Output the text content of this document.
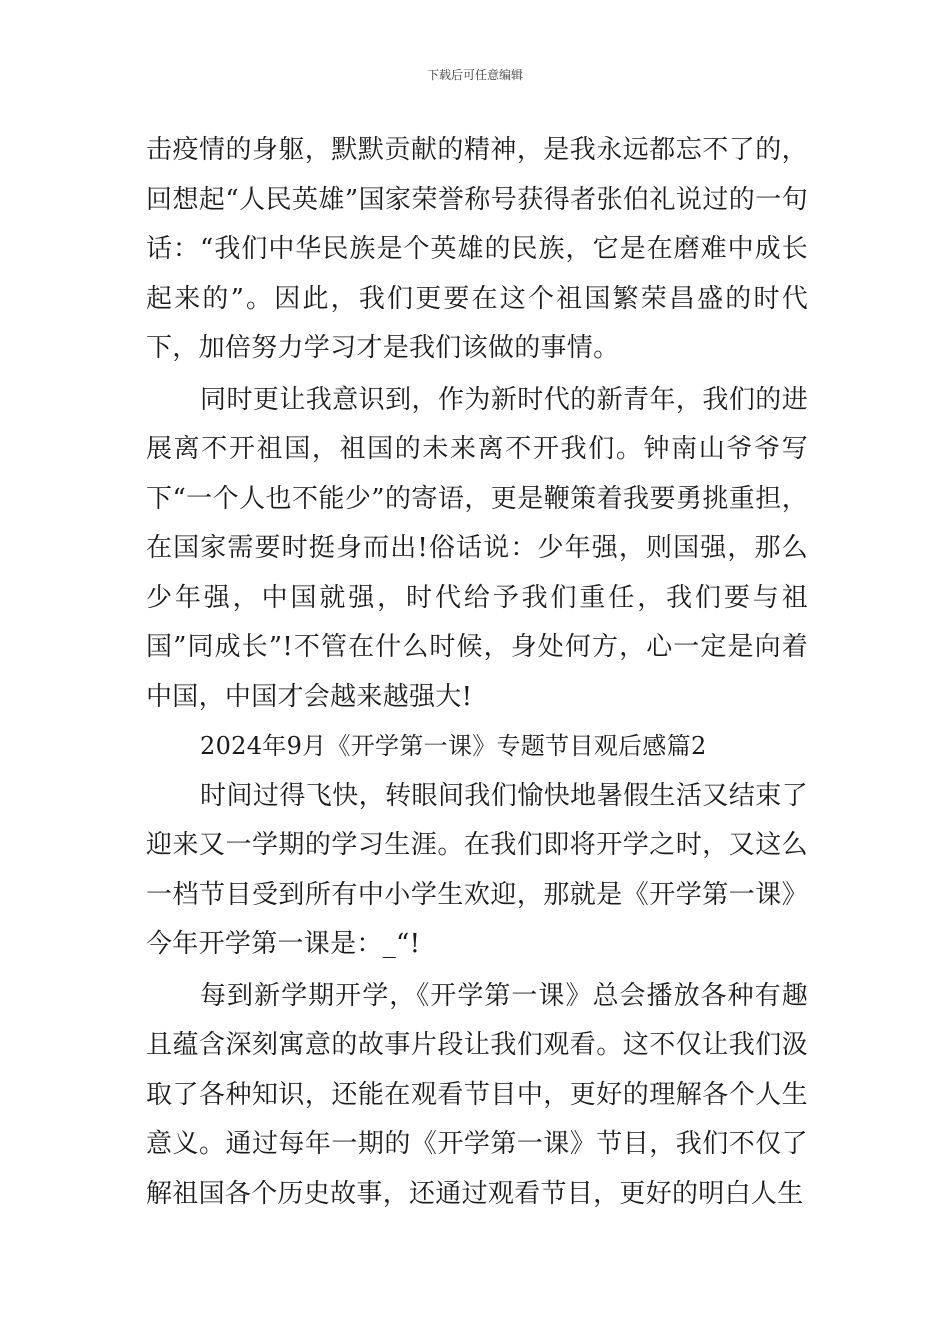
下载后可任意编辑

击疫情的身躯，默默贡献的精神，是我永远都忘不了的，回想起“人民英雄”国家荣誉称号获得者张伯礼说过的一句话：“我们中华民族是个英雄的民族，它是在磨难中成长起来的”。因此，我们更要在这个祖国繁荣昌盛的时代下，加倍努力学习才是我们该做的事情。

同时更让我意识到，作为新时代的新青年，我们的进展离不开祖国，祖国的未来离不开我们。钟南山爷爷写下“一个人也不能少”的寄语，更是鞭策着我要勇挑重担，在国家需要时挺身而出!俗话说：少年强，则国强，那么少年强，中国就强，时代给予我们重任，我们要与祖国”同成长”!不管在什么时候，身处何方，心一定是向着中国，中国才会越来越强大!

2024年9月《开学第一课》专题节目观后感篇2

时间过得飞快，转眼间我们愉快地暑假生活又结束了迎来又一学期的学习生涯。在我们即将开学之时，又这么一档节目受到所有中小学生欢迎，那就是《开学第一课》今年开学第一课是：_“!

每到新学期开学，《开学第一课》总会播放各种有趣且蕴含深刻寓意的故事片段让我们观看。这不仅让我们汲取了各种知识，还能在观看节目中，更好的理解各个人生意义。通过每年一期的《开学第一课》节目，我们不仅了解祖国各个历史故事，还通过观看节目，更好的明白人生
